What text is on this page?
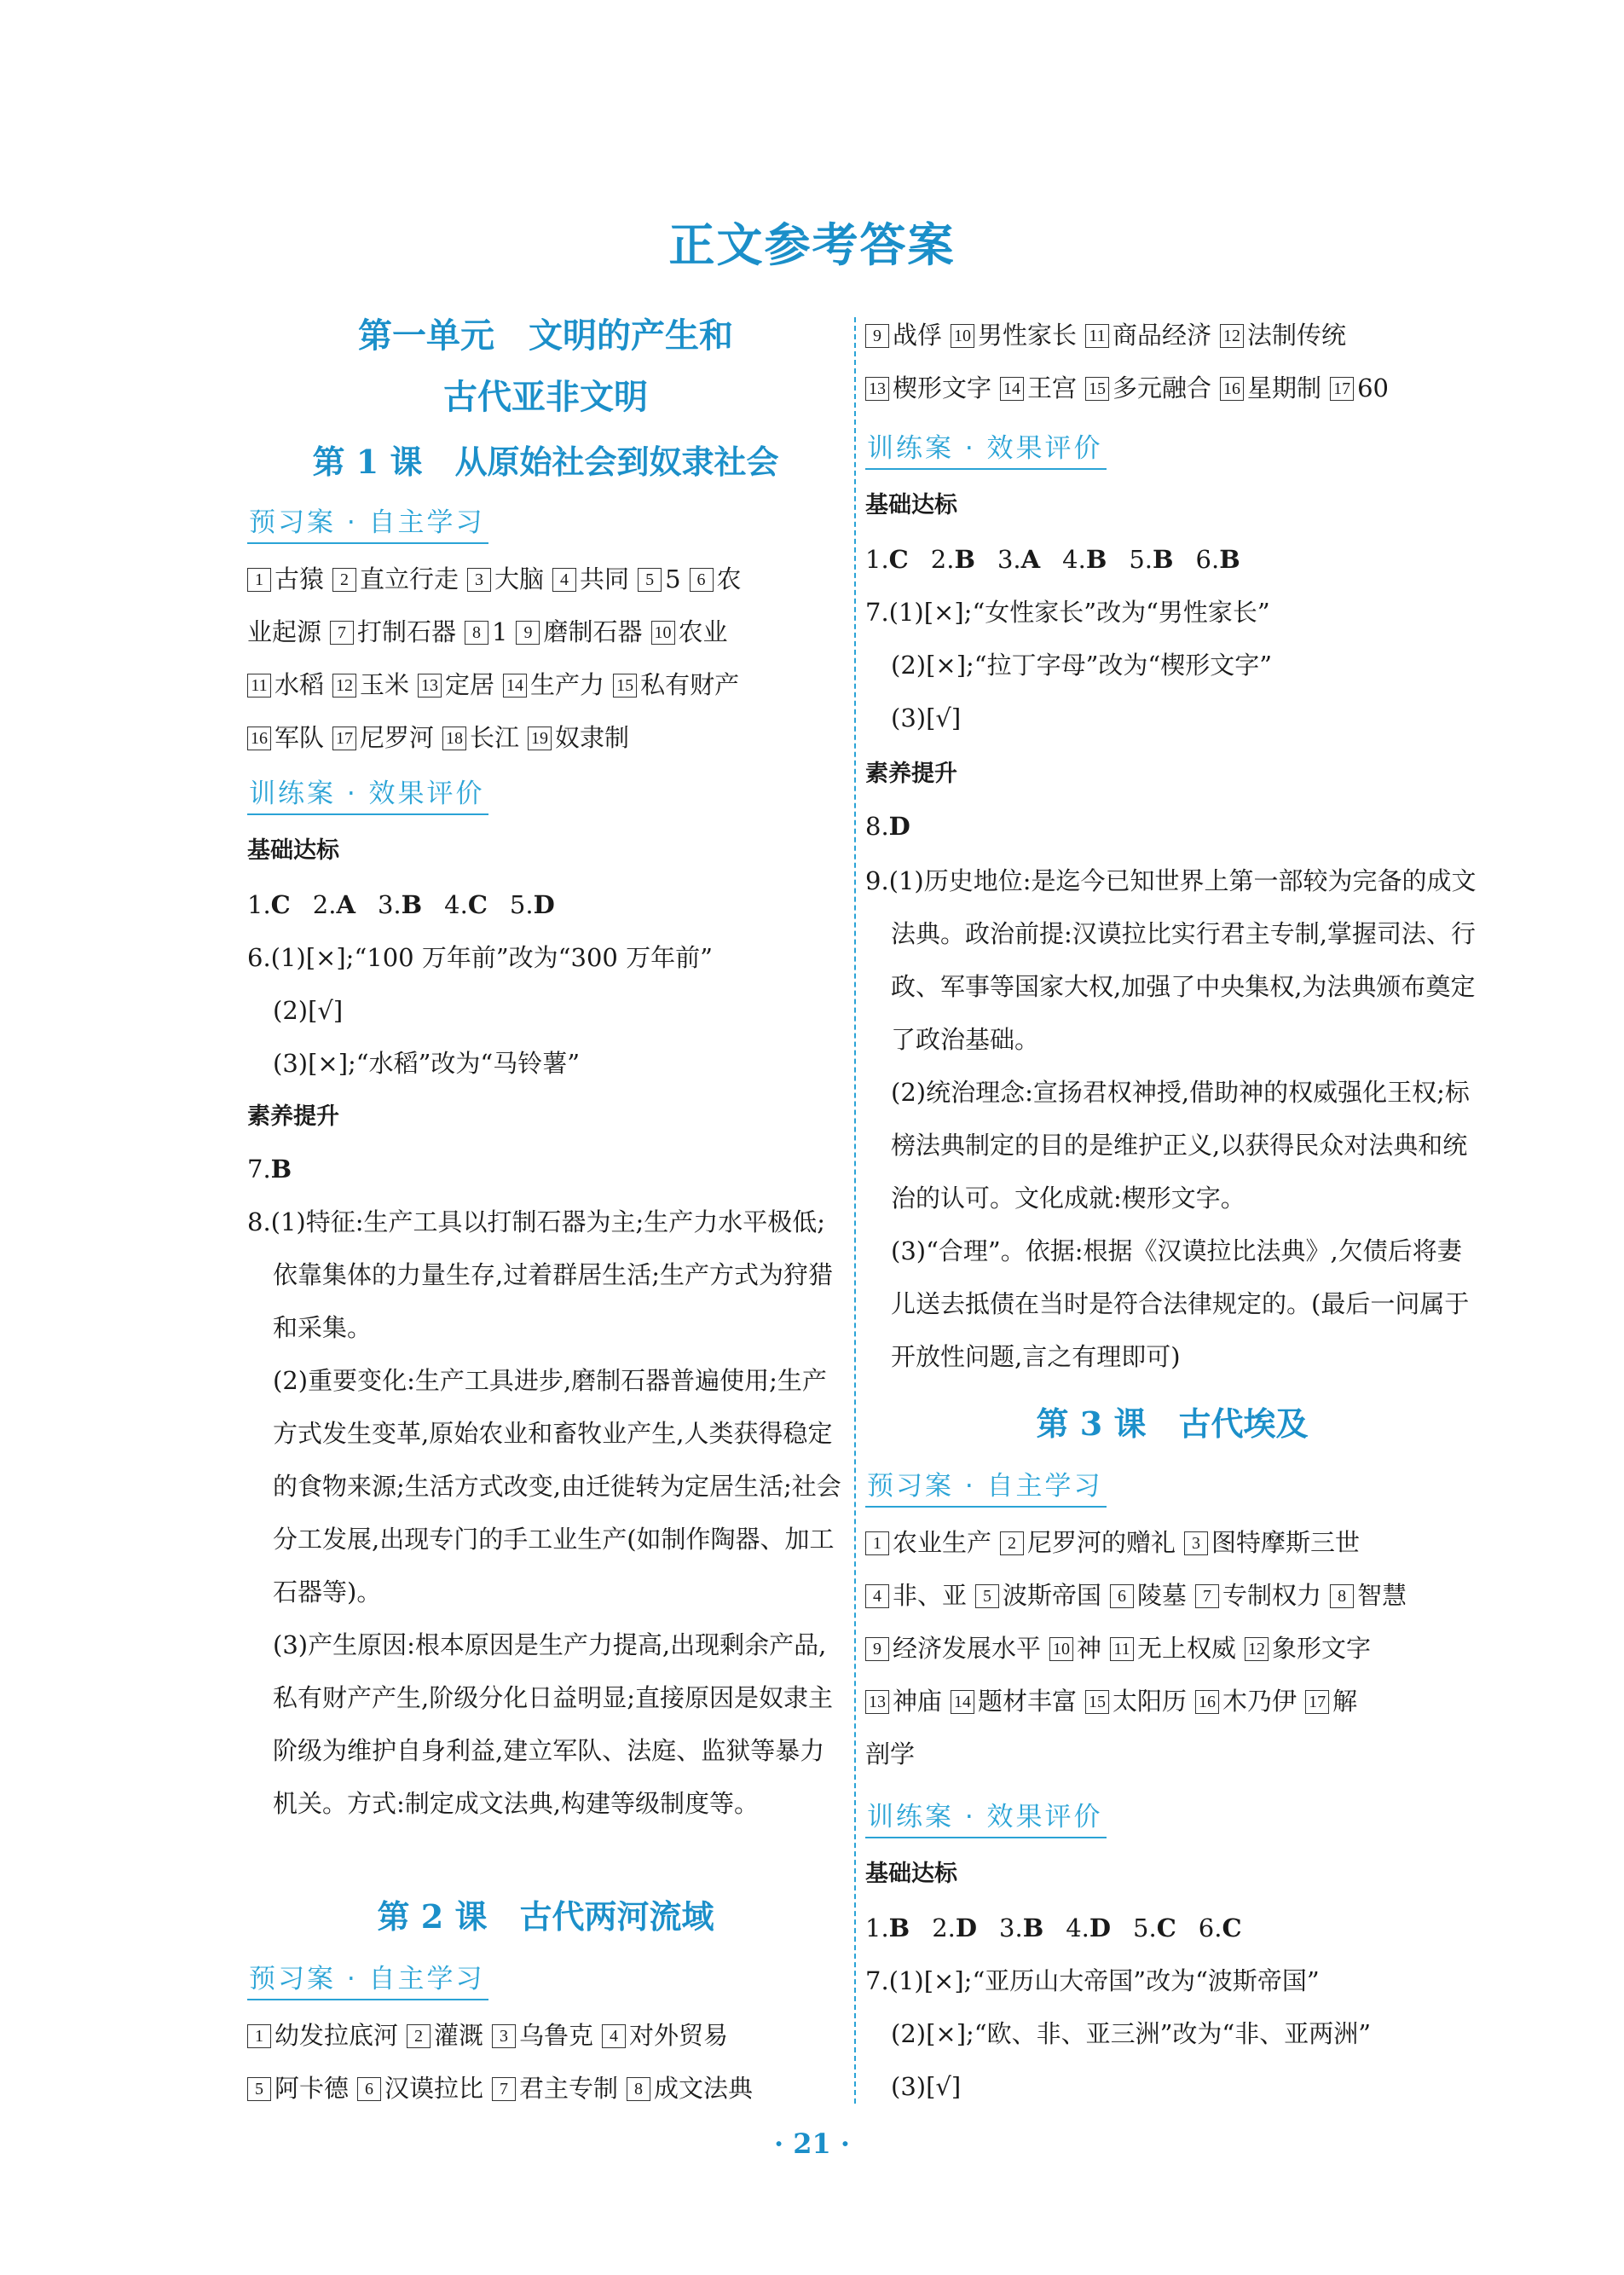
正文参考答案
第一单元　文明的产生和
古代亚非文明
第 1 课　从原始社会到奴隶社会
预习案 · 自主学习
1 古猿 2 直立行走 3 大脑 4 共同 5 5 6 农
业起源 7 打制石器 8 1 9 磨制石器 10 农业
11 水稻 12 玉米 13 定居 14 生产力 15 私有财产
16 军队 17 尼罗河 18 长江 19 奴隶制
训练案 · 效果评价
基础达标
1.C 2.A 3.B 4.C 5.D
6.(1)[×];“100 万年前”改为“300 万年前”
(2)[√]
(3)[×];“水稻”改为“马铃薯”
素养提升
7.B
8.(1)特征:生产工具以打制石器为主;生产力水平极低;依靠集体的力量生存,过着群居生活;生产方式为狩猎和采集。
(2)重要变化:生产工具进步,磨制石器普遍使用;生产方式发生变革,原始农业和畜牧业产生,人类获得稳定的食物来源;生活方式改变,由迁徙转为定居生活;社会分工发展,出现专门的手工业生产(如制作陶器、加工石器等)。
(3)产生原因:根本原因是生产力提高,出现剩余产品,私有财产产生,阶级分化日益明显;直接原因是奴隶主阶级为维护自身利益,建立军队、法庭、监狱等暴力机关。方式:制定成文法典,构建等级制度等。
第 2 课　古代两河流域
预习案 · 自主学习
1 幼发拉底河 2 灌溉 3 乌鲁克 4 对外贸易
5 阿卡德 6 汉谟拉比 7 君主专制 8 成文法典
9 战俘 10 男性家长 11 商品经济 12 法制传统
13 楔形文字 14 王宫 15 多元融合 16 星期制 17 60
训练案 · 效果评价
基础达标
1.C 2.B 3.A 4.B 5.B 6.B
7.(1)[×];“女性家长”改为“男性家长”
(2)[×];“拉丁字母”改为“楔形文字”
(3)[√]
素养提升
8.D
9.(1)历史地位:是迄今已知世界上第一部较为完备的成文法典。政治前提:汉谟拉比实行君主专制,掌握司法、行政、军事等国家大权,加强了中央集权,为法典颁布奠定了政治基础。
(2)统治理念:宣扬君权神授,借助神的权威强化王权;标榜法典制定的目的是维护正义,以获得民众对法典和统治的认可。文化成就:楔形文字。
(3)“合理”。依据:根据《汉谟拉比法典》,欠债后将妻儿送去抵债在当时是符合法律规定的。(最后一问属于开放性问题,言之有理即可)
第 3 课　古代埃及
预习案 · 自主学习
1 农业生产 2 尼罗河的赠礼 3 图特摩斯三世
4 非、亚 5 波斯帝国 6 陵墓 7 专制权力 8 智慧
9 经济发展水平 10 神 11 无上权威 12 象形文字
13 神庙 14 题材丰富 15 太阳历 16 木乃伊 17 解
剖学
训练案 · 效果评价
基础达标
1.B 2.D 3.B 4.D 5.C 6.C
7.(1)[×];“亚历山大帝国”改为“波斯帝国”
(2)[×];“欧、非、亚三洲”改为“非、亚两洲”
(3)[√]
· 21 ·
